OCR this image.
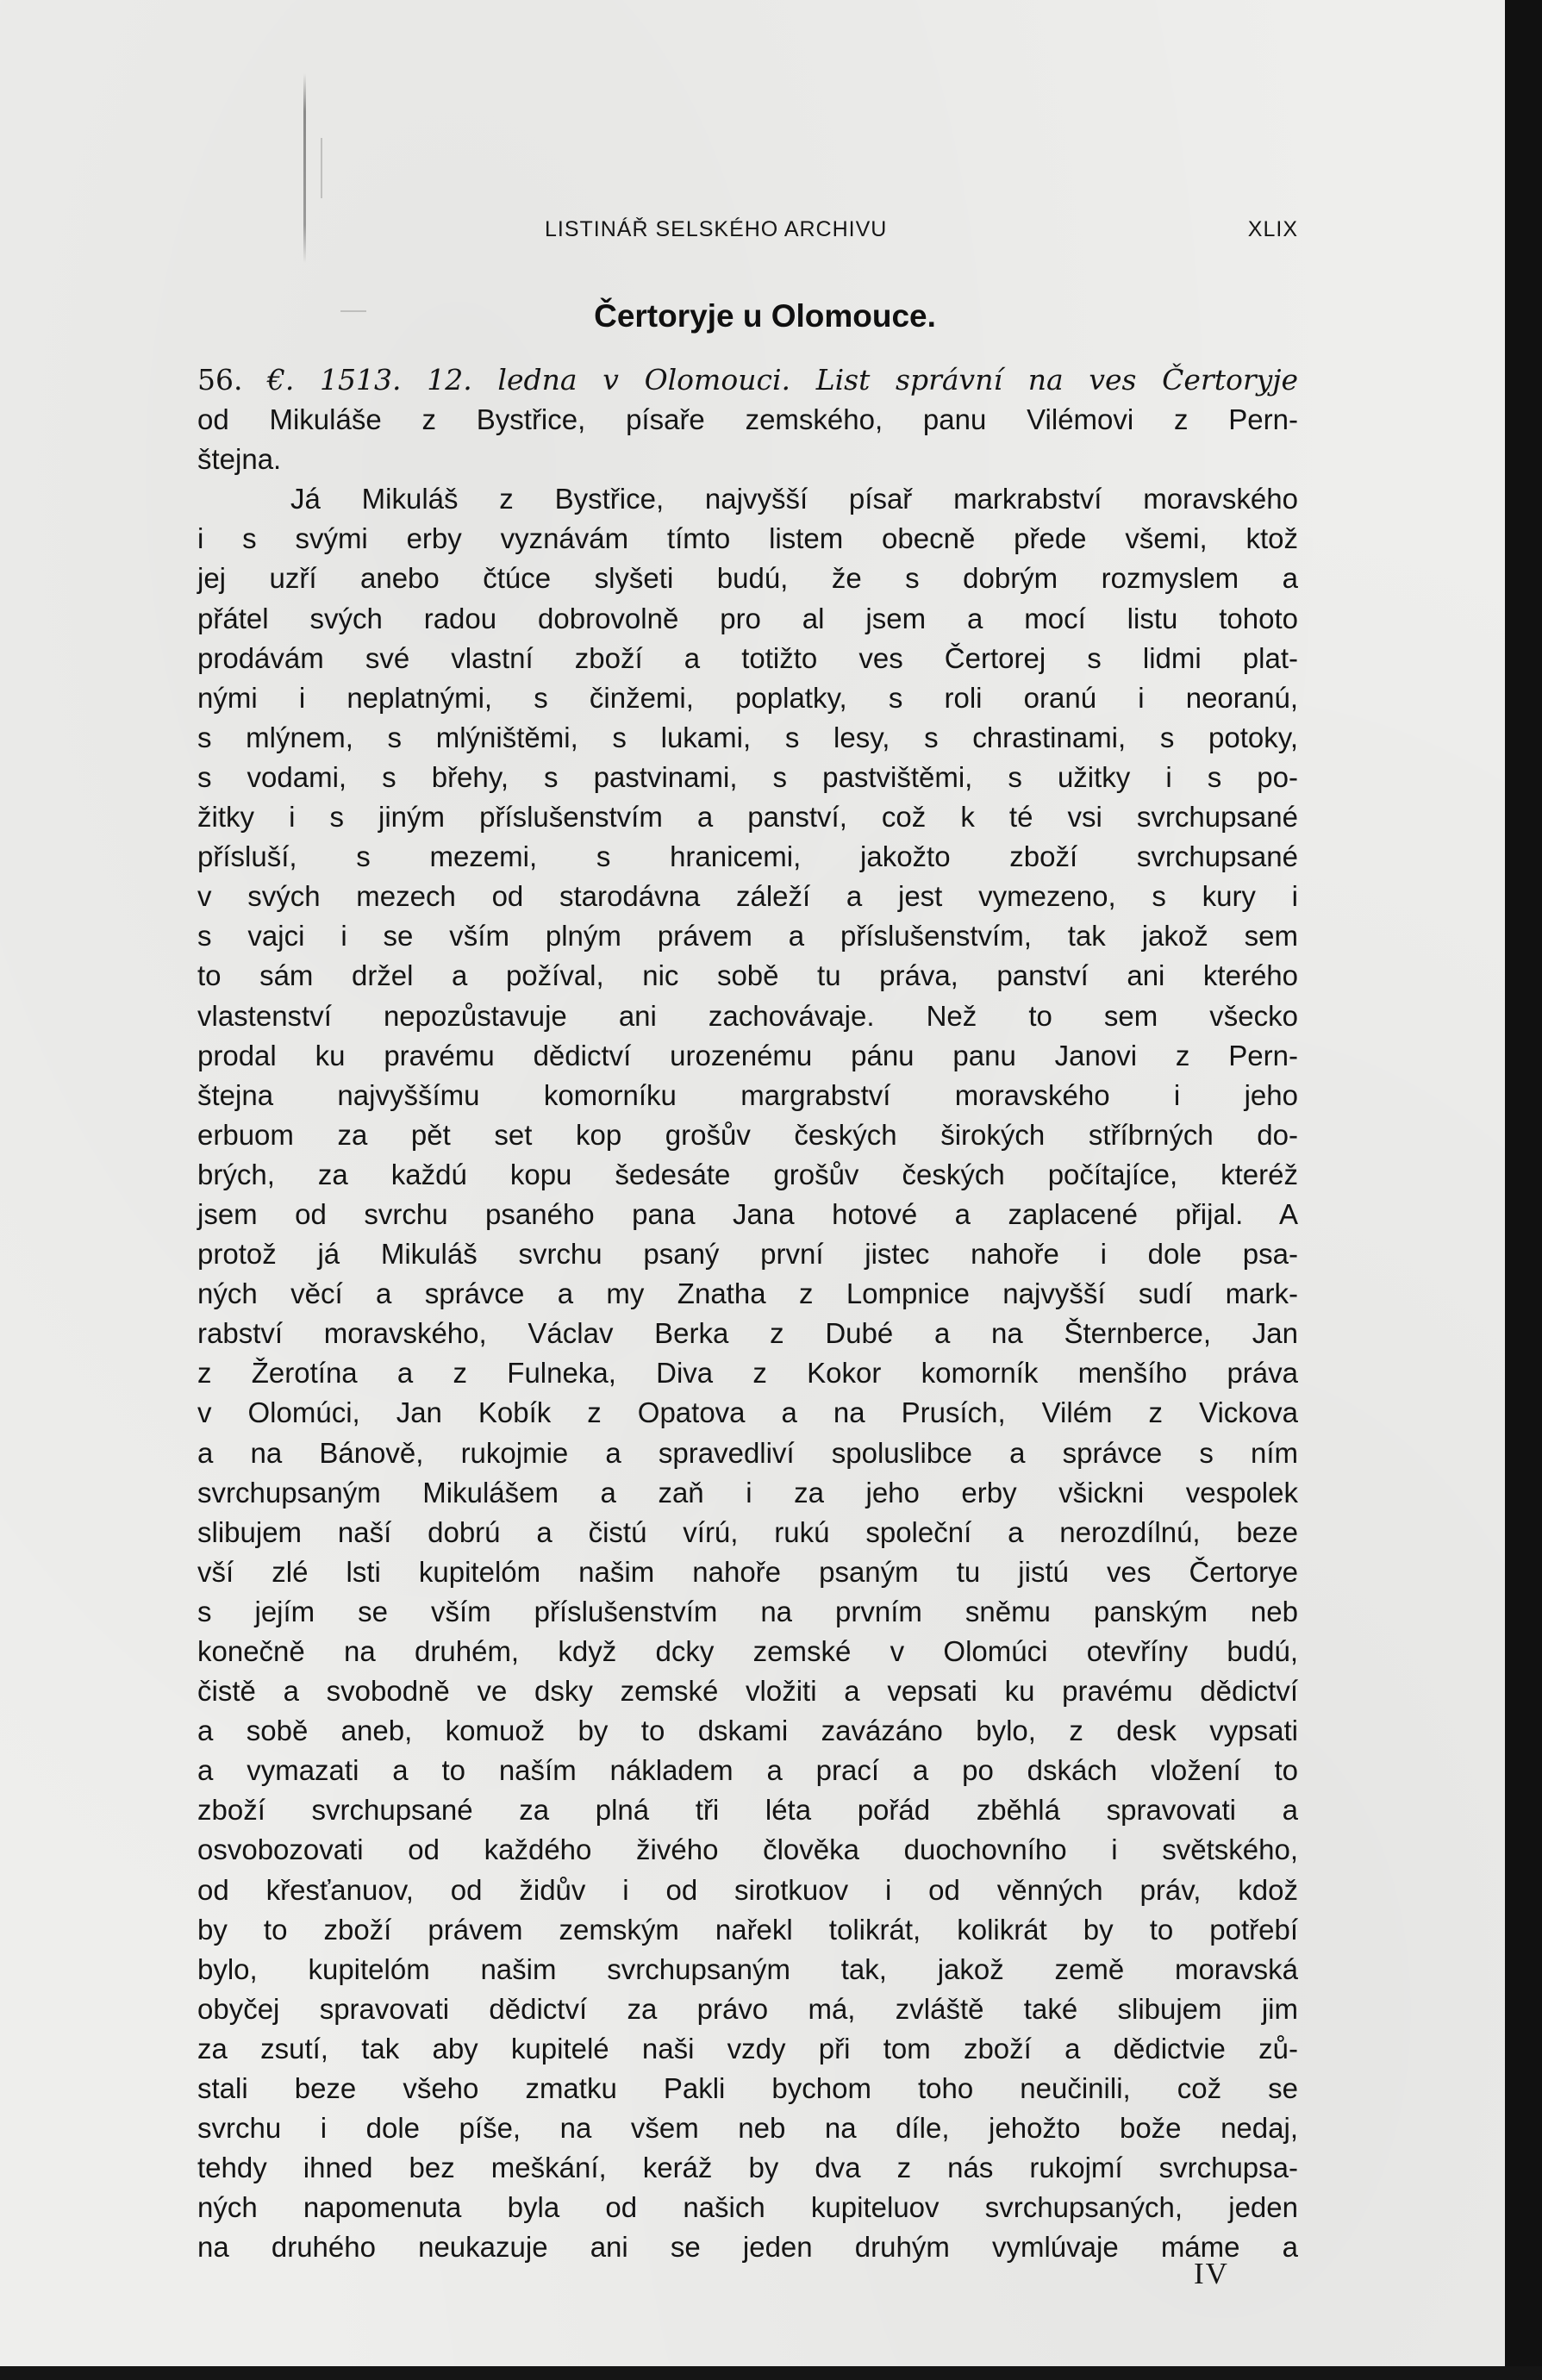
LISTINÁŘ SELSKÉHO ARCHIVU	XLIX
Čertoryje u Olomouce.
56. €. 1513. 12. ledna v Olomouci. List správní na ves Čertoryje
od Mikuláše z Bystřice, písaře zemského, panu Vilémovi z Pern-
štejna.
Já Mikuláš z Bystřice, najvyšší písař markrabství moravského
i s svými erby vyznávám tímto listem obecně přede všemi, ktož
jej uzří anebo čtúce slyšeti budú, že s dobrým rozmyslem a
přátel svých radou dobrovolně pro al jsem a mocí listu tohoto
prodávám své vlastní zboží a totižto ves Čertorej s lidmi plat-
nými i neplatnými, s činžemi, poplatky, s roli oranú i neoranú,
s mlýnem, s mlýništěmi, s lukami, s lesy, s chrastinami, s potoky,
s vodami, s břehy, s pastvinami, s pastvištěmi, s užitky i s po-
žitky i s jiným příslušenstvím a panství, což k té vsi svrchupsané
přísluší, s mezemi, s hranicemi, jakožto zboží svrchupsané
v svých mezech od starodávna záleží a jest vymezeno, s kury i
s vajci i se vším plným právem a příslušenstvím, tak jakož sem
to sám držel a požíval, nic sobě tu práva, panství ani kterého
vlastenství nepozůstavuje ani zachovávaje. Než to sem všecko
prodal ku pravému dědictví urozenému pánu panu Janovi z Pern-
štejna najvyššímu komorníku margrabství moravského i jeho
erbuom za pět set kop grošův českých širokých stříbrných do-
brých, za každú kopu šedesáte grošův českých počítajíce, kteréž
jsem od svrchu psaného pana Jana hotové a zaplacené přijal. A
protož já Mikuláš svrchu psaný první jistec nahoře i dole psa-
ných věcí a správce a my Znatha z Lompnice najvyšší sudí mark-
rabství moravského, Václav Berka z Dubé a na Šternberce, Jan
z Žerotína a z Fulneka, Diva z Kokor komorník menšího práva
v Olomúci, Jan Kobík z Opatova a na Prusích, Vilém z Vickova
a na Bánově, rukojmie a spravedliví spoluslibce a správce s ním
svrchupsaným Mikulášem a zaň i za jeho erby všickni vespolek
slibujem naší dobrú a čistú vírú, rukú společní a nerozdílnú, beze
vší zlé lsti kupitelóm našim nahoře psaným tu jistú ves Čertorye
s jejím se vším příslušenstvím na prvním sněmu panským neb
konečně na druhém, když dcky zemské v Olomúci otevříny budú,
čistě a svobodně ve dsky zemské vložiti a vepsati ku pravému dědictví
a sobě aneb, komuož by to dskami zavázáno bylo, z desk vypsati
a vymazati a to naším nákladem a prací a po dskách vložení to
zboží svrchupsané za plná tři léta pořád zběhlá spravovati a
osvobozovati od každého živého člověka duochovního i světského,
od křesťanuov, od židův i od sirotkuov i od věnných práv, kdož
by to zboží právem zemským nařekl tolikrát, kolikrát by to potřebí
bylo, kupitelóm našim svrchupsaným tak, jakož země moravská
obyčej spravovati dědictví za právo má, zvláště také slibujem jim
za zsutí, tak aby kupitelé naši vzdy při tom zboží a dědictvie zů-
stali beze všeho zmatku Pakli bychom toho neučinili, což se
svrchu i dole píše, na všem neb na díle, jehožto bože nedaj,
tehdy ihned bez meškání, keráž by dva z nás rukojmí svrchupsa-
ných napomenuta byla od našich kupiteluov svrchupsaných, jeden
na druhého neukazuje ani se jeden druhým vymlúvaje máme a
IV
